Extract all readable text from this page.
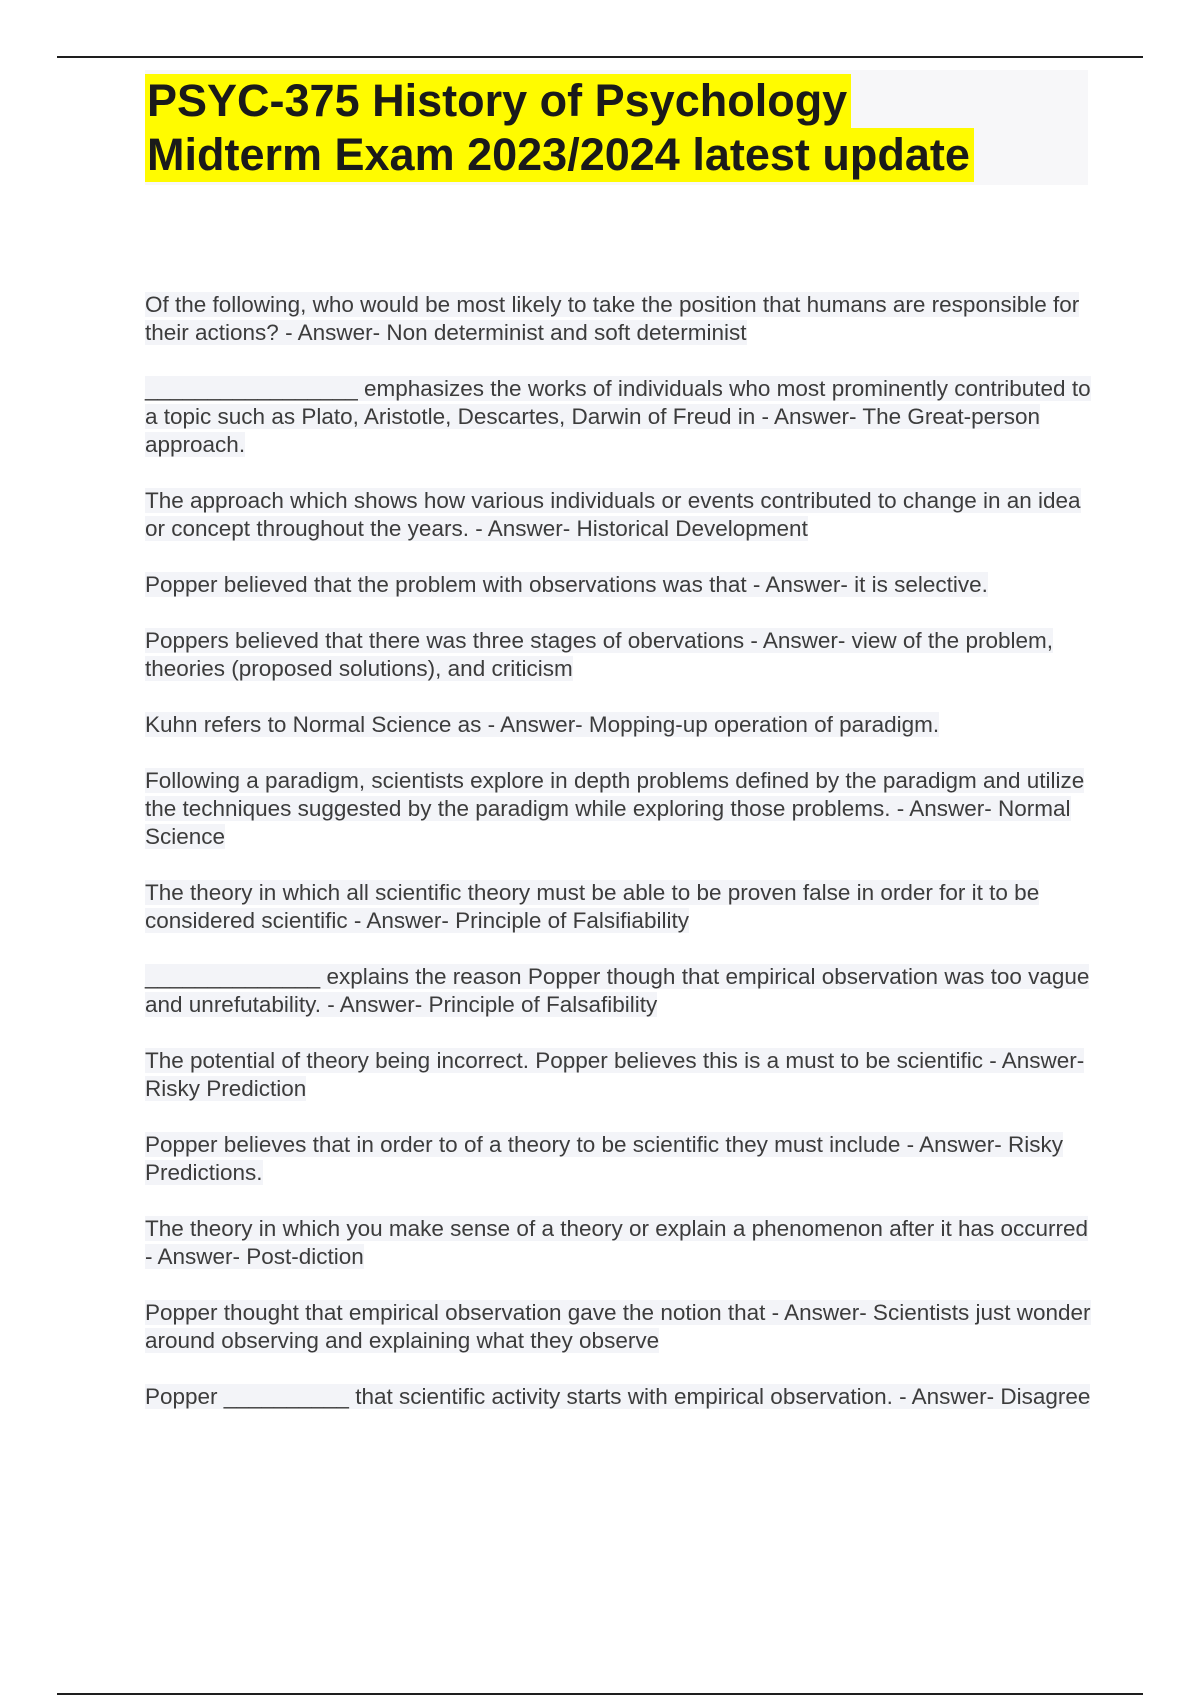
PSYC-375 History of Psychology
Midterm Exam 2023/2024 latest update
Of the following, who would be most likely to take the position that humans are responsible for their actions? - Answer- Non determinist and soft determinist
_________________ emphasizes the works of individuals who most prominently contributed to a topic such as Plato, Aristotle, Descartes, Darwin of Freud in - Answer- The Great-person approach.
The approach which shows how various individuals or events contributed to change in an idea or concept throughout the years. - Answer- Historical Development
Popper believed that the problem with observations was that - Answer- it is selective.
Poppers believed that there was three stages of obervations - Answer- view of the problem, theories (proposed solutions), and criticism
Kuhn refers to Normal Science as - Answer- Mopping-up operation of paradigm.
Following a paradigm, scientists explore in depth problems defined by the paradigm and utilize the techniques suggested by the paradigm while exploring those problems. - Answer- Normal Science
The theory in which all scientific theory must be able to be proven false in order for it to be considered scientific - Answer- Principle of Falsifiability
______________ explains the reason Popper though that empirical observation was too vague and unrefutability. - Answer- Principle of Falsafibility
The potential of theory being incorrect. Popper believes this is a must to be scientific - Answer- Risky Prediction
Popper believes that in order to of a theory to be scientific they must include - Answer- Risky Predictions.
The theory in which you make sense of a theory or explain a phenomenon after it has occurred - Answer- Post-diction
Popper thought that empirical observation gave the notion that - Answer- Scientists just wonder around observing and explaining what they observe
Popper __________ that scientific activity starts with empirical observation. - Answer- Disagree
